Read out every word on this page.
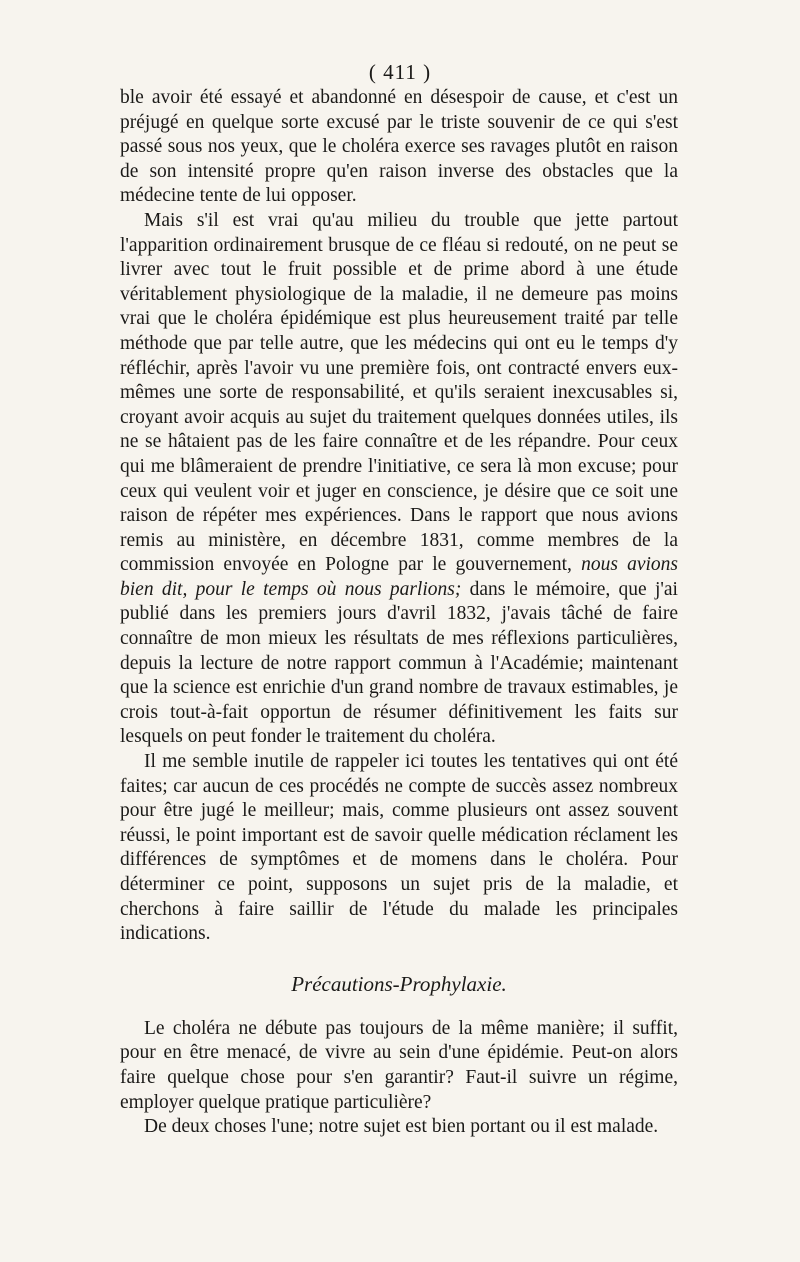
( 411 )

ble avoir été essayé et abandonné en désespoir de cause, et c'est un préjugé en quelque sorte excusé par le triste souvenir de ce qui s'est passé sous nos yeux, que le choléra exerce ses ravages plutôt en raison de son intensité propre qu'en raison inverse des obstacles que la médecine tente de lui opposer.

Mais s'il est vrai qu'au milieu du trouble que jette partout l'apparition ordinairement brusque de ce fléau si redouté, on ne peut se livrer avec tout le fruit possible et de prime abord à une étude véritablement physiologique de la maladie, il ne demeure pas moins vrai que le choléra épidémique est plus heureusement traité par telle méthode que par telle autre, que les médecins qui ont eu le temps d'y réfléchir, après l'avoir vu une première fois, ont contracté envers eux-mêmes une sorte de responsabilité, et qu'ils seraient inexcusables si, croyant avoir acquis au sujet du traitement quelques données utiles, ils ne se hâtaient pas de les faire connaître et de les répandre. Pour ceux qui me blâmeraient de prendre l'initiative, ce sera là mon excuse; pour ceux qui veulent voir et juger en conscience, je désire que ce soit une raison de répéter mes expériences. Dans le rapport que nous avions remis au ministère, en décembre 1831, comme membres de la commission envoyée en Pologne par le gouvernement, nous avions bien dit, pour le temps où nous parlions; dans le mémoire, que j'ai publié dans les premiers jours d'avril 1832, j'avais tâché de faire connaître de mon mieux les résultats de mes réflexions particulières, depuis la lecture de notre rapport commun à l'Académie; maintenant que la science est enrichie d'un grand nombre de travaux estimables, je crois tout-à-fait opportun de résumer définitivement les faits sur lesquels on peut fonder le traitement du choléra.

Il me semble inutile de rappeler ici toutes les tentatives qui ont été faites; car aucun de ces procédés ne compte de succès assez nombreux pour être jugé le meilleur; mais, comme plusieurs ont assez souvent réussi, le point important est de savoir quelle médication réclament les différences de symptômes et de momens dans le choléra. Pour déterminer ce point, supposons un sujet pris de la maladie, et cherchons à faire saillir de l'étude du malade les principales indications.

Précautions-Prophylaxie.

Le choléra ne débute pas toujours de la même manière; il suffit, pour en être menacé, de vivre au sein d'une épidémie. Peut-on alors faire quelque chose pour s'en garantir? Faut-il suivre un régime, employer quelque pratique particulière?

De deux choses l'une; notre sujet est bien portant ou il est malade.
